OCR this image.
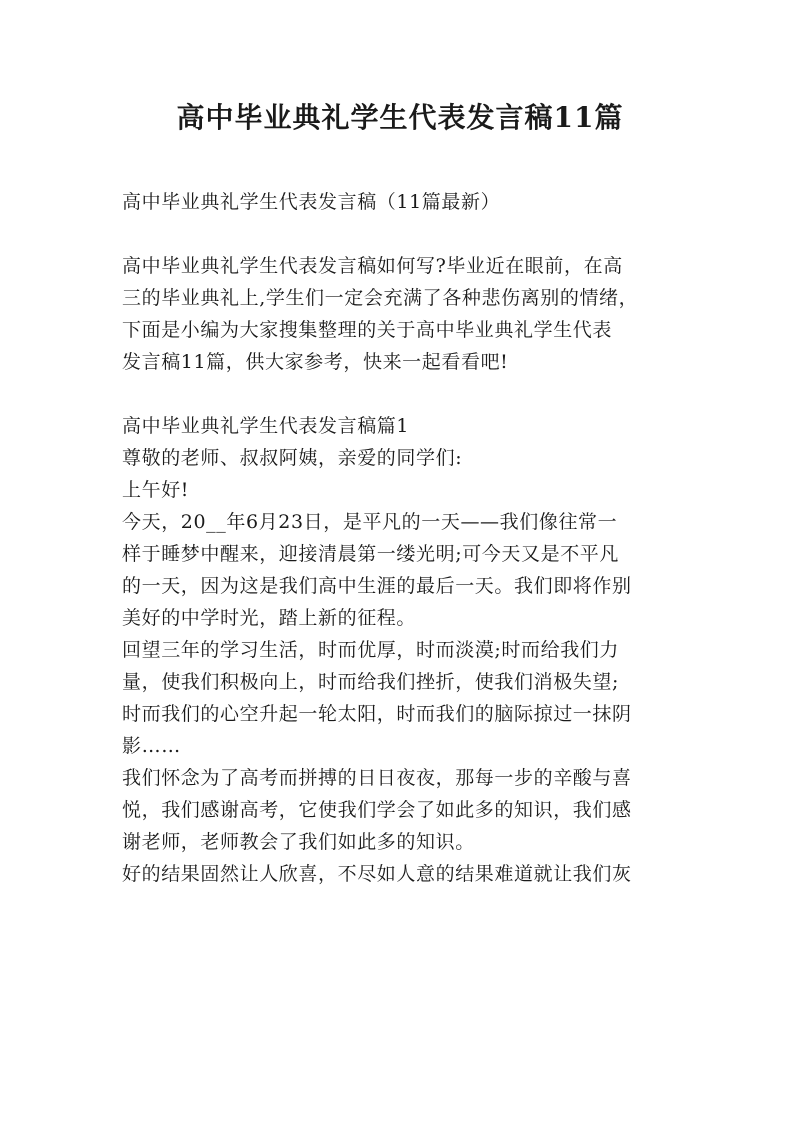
高中毕业典礼学生代表发言稿11篇

高中毕业典礼学生代表发言稿（11篇最新）

高中毕业典礼学生代表发言稿如何写?毕业近在眼前，在高

三的毕业典礼上,学生们一定会充满了各种悲伤离别的情绪，

下面是小编为大家搜集整理的关于高中毕业典礼学生代表

发言稿11篇，供大家参考，快来一起看看吧!

高中毕业典礼学生代表发言稿篇1

尊敬的老师、叔叔阿姨，亲爱的同学们:

上午好!

今天，20__年6月23日，是平凡的一天——我们像往常一

样于睡梦中醒来，迎接清晨第一缕光明;可今天又是不平凡

的一天，因为这是我们高中生涯的最后一天。我们即将作别

美好的中学时光，踏上新的征程。

回望三年的学习生活，时而优厚，时而淡漠;时而给我们力

量，使我们积极向上，时而给我们挫折，使我们消极失望;

时而我们的心空升起一轮太阳，时而我们的脑际掠过一抹阴

影……

我们怀念为了高考而拼搏的日日夜夜，那每一步的辛酸与喜

悦，我们感谢高考，它使我们学会了如此多的知识，我们感

谢老师，老师教会了我们如此多的知识。

好的结果固然让人欣喜，不尽如人意的结果难道就让我们灰
